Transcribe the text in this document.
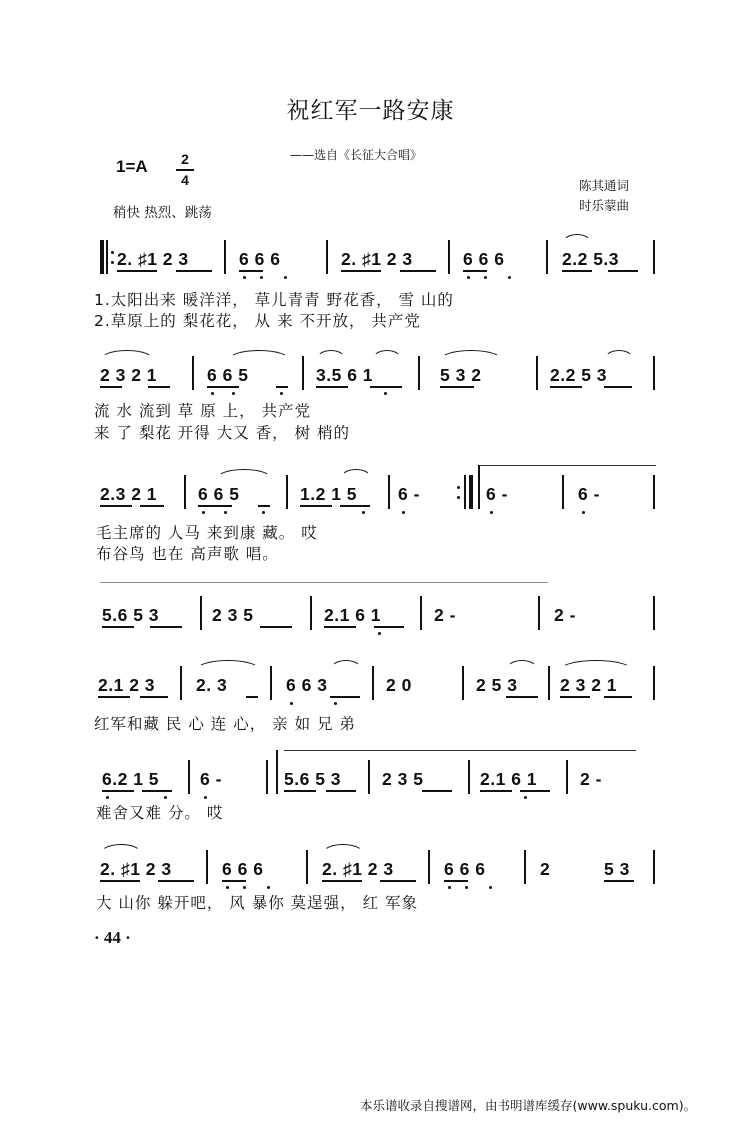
祝红军一路安康
——选自《长征大合唱》
1=A	2
4	陈其通词
时乐蒙曲
稍快 热烈、跳荡
2. ♯1 2 3	6 6 6	2. ♯1 2 3	6 6 6	2.2 5.3
1.太阳出来 暖洋洋， 草儿青青 野花香， 雪 山的
2.草原上的 梨花花， 从 来 不开放， 共产党
2 3 2 1	6 6 5	3.5 6 1	5 3 2	2.2 5 3
流 水 流到 草 原 上， 共产党
来 了 梨花 开得 大又 香， 树 梢的
2.3 2 1 6 6 5	1.2 1 5 6 -	6 -	6 -
毛主席的 人马 来到康 藏。 哎
布谷鸟 也在 高声歌 唱。
5.6 5 3	2 3 5	2.1 6 1	2 -	2 -
2.1 2 3 2. 3	6 6 3	2 0	2 5 3 2 3 2 1
红军和藏 民 心 连 心， 亲 如 兄 弟
6.2 1 5 6 -	5.6 5 3 2 3 5	2.1 6 1 2 -
难舍又难 分。 哎
2. ♯1 2 3	6 6 6	2. ♯1 2 3	6 6 6	2	5 3
大 山你 躲开吧， 风 暴你 莫逞强， 红 军象
· 44 ·
本乐谱收录自搜谱网，由书明谱库缓存(www.spuku.com)。
